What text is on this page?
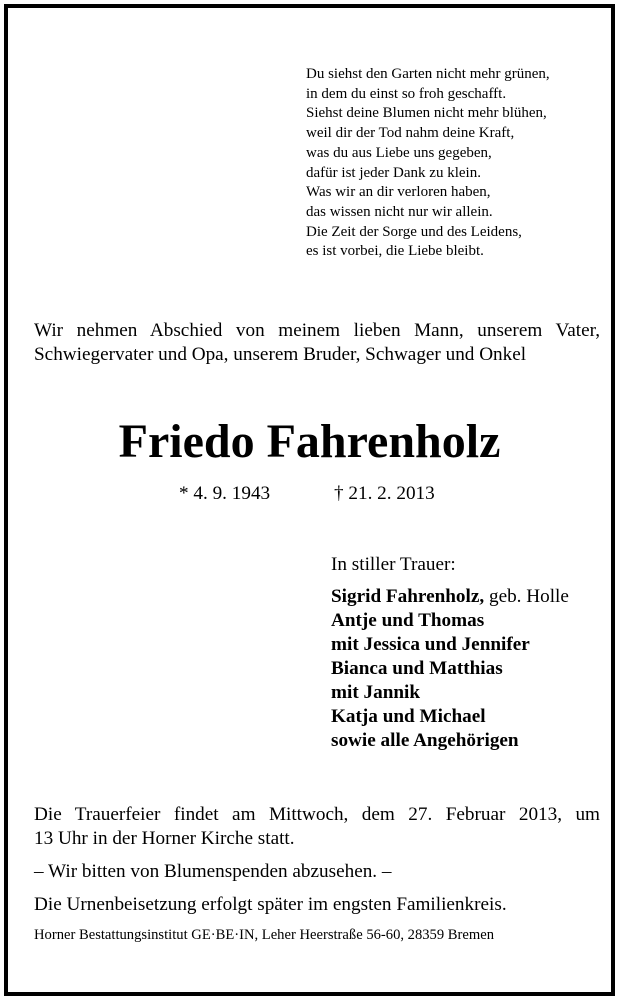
Du siehst den Garten nicht mehr grünen,
in dem du einst so froh geschafft.
Siehst deine Blumen nicht mehr blühen,
weil dir der Tod nahm deine Kraft,
was du aus Liebe uns gegeben,
dafür ist jeder Dank zu klein.
Was wir an dir verloren haben,
das wissen nicht nur wir allein.
Die Zeit der Sorge und des Leidens,
es ist vorbei, die Liebe bleibt.
Wir nehmen Abschied von meinem lieben Mann, unserem Vater,
Schwiegervater und Opa, unserem Bruder, Schwager und Onkel
Friedo Fahrenholz
* 4. 9. 1943	† 21. 2. 2013
In stiller Trauer:
Sigrid Fahrenholz, geb. Holle
Antje und Thomas
mit Jessica und Jennifer
Bianca und Matthias
mit Jannik
Katja und Michael
sowie alle Angehörigen
Die Trauerfeier findet am Mittwoch, dem 27. Februar 2013, um
13 Uhr in der Horner Kirche statt.
– Wir bitten von Blumenspenden abzusehen. –
Die Urnenbeisetzung erfolgt später im engsten Familienkreis.
Horner Bestattungsinstitut GE·BE·IN, Leher Heerstraße 56-60, 28359 Bremen
